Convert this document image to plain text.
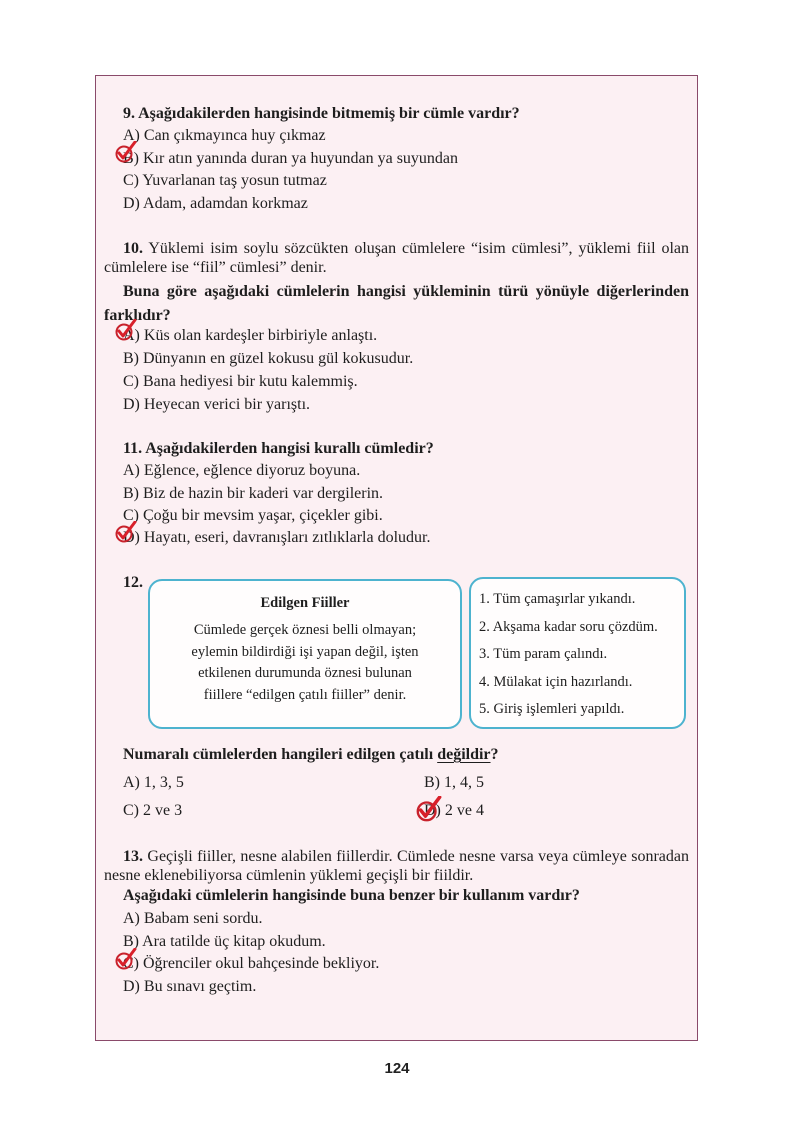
9. Aşağıdakilerden hangisinde bitmemiş bir cümle vardır?
A) Can çıkmayınca huy çıkmaz
B) Kır atın yanında duran ya huyundan ya suyundan
C) Yuvarlanan taş yosun tutmaz
D) Adam, adamdan korkmaz
10. Yüklemi isim soylu sözcükten oluşan cümlelere “isim cümlesi”, yüklemi fiil olan cümlelere ise “fiil” cümlesi” denir.
Buna göre aşağıdaki cümlelerin hangisi yükleminin türü yönüyle diğerlerinden farklıdır?
A) Küs olan kardeşler birbiriyle anlaştı.
B) Dünyanın en güzel kokusu gül kokusudur.
C) Bana hediyesi bir kutu kalemmiş.
D) Heyecan verici bir yarıştı.
11. Aşağıdakilerden hangisi kurallı cümledir?
A) Eğlence, eğlence diyoruz boyuna.
B) Biz de hazin bir kaderi var dergilerin.
C) Çoğu bir mevsim yaşar, çiçekler gibi.
D) Hayatı, eseri, davranışları zıtlıklarla doludur.
12.
Edilgen Fiiller
Cümlede gerçek öznesi belli olmayan;
eylemin bildirdiği işi yapan değil, işten
etkilenen durumunda öznesi bulunan
fiillere “edilgen çatılı fiiller” denir.
1. Tüm çamaşırlar yıkandı.
2. Akşama kadar soru çözdüm.
3. Tüm param çalındı.
4. Mülakat için hazırlandı.
5. Giriş işlemleri yapıldı.
Numaralı cümlelerden hangileri edilgen çatılı değildir?
A) 1, 3, 5	B) 1, 4, 5
C) 2 ve 3	D) 2 ve 4
13. Geçişli fiiller, nesne alabilen fiillerdir. Cümlede nesne varsa veya cümleye sonradan nesne eklenebiliyorsa cümlenin yüklemi geçişli bir fiildir.
Aşağıdaki cümlelerin hangisinde buna benzer bir kullanım vardır?
A) Babam seni sordu.
B) Ara tatilde üç kitap okudum.
C) Öğrenciler okul bahçesinde bekliyor.
D) Bu sınavı geçtim.
124
